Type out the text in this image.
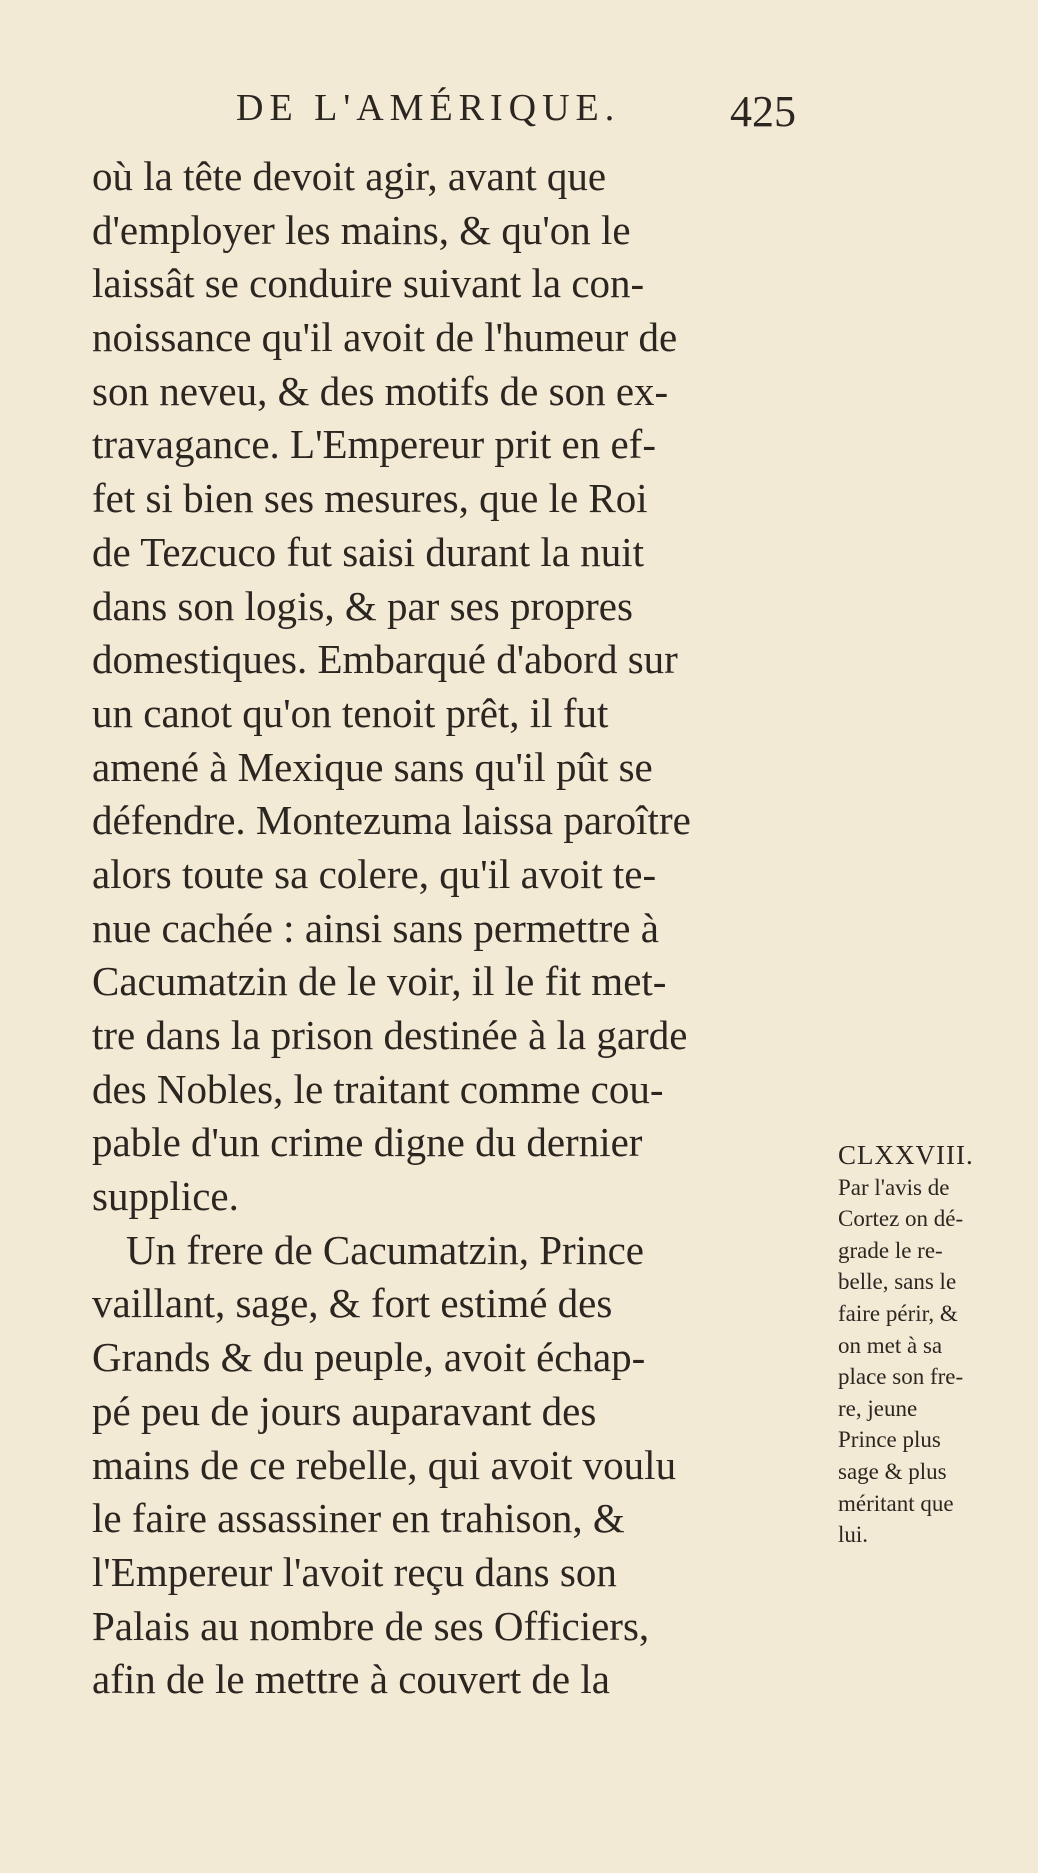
DE L'AMÉRIQUE. 425
où la tête devoit agir, avant que
d'employer les mains, & qu'on le
laissât se conduire suivant la con-
noissance qu'il avoit de l'humeur de
son neveu, & des motifs de son ex-
travagance. L'Empereur prit en ef-
fet si bien ses mesures, que le Roi
de Tezcuco fut saisi durant la nuit
dans son logis, & par ses propres
domestiques. Embarqué d'abord sur
un canot qu'on tenoit prêt, il fut
amené à Mexique sans qu'il pût se
défendre. Montezuma laissa paroître
alors toute sa colere, qu'il avoit te-
nue cachée : ainsi sans permettre à
Cacumatzin de le voir, il le fit met-
tre dans la prison destinée à la garde
des Nobles, le traitant comme cou-
pable d'un crime digne du dernier
supplice.
Un frere de Cacumatzin, Prince
vaillant, sage, & fort estimé des
Grands & du peuple, avoit échap-
pé peu de jours auparavant des
mains de ce rebelle, qui avoit voulu
le faire assassiner en trahison, &
l'Empereur l'avoit reçu dans son
Palais au nombre de ses Officiers,
afin de le mettre à couvert de la
CLXXVIII.
Par l'avis de
Cortez on dé-
grade le re-
belle, sans le
faire périr, &
on met à sa
place son fre-
re, jeune
Prince plus
sage & plus
méritant que
lui.
